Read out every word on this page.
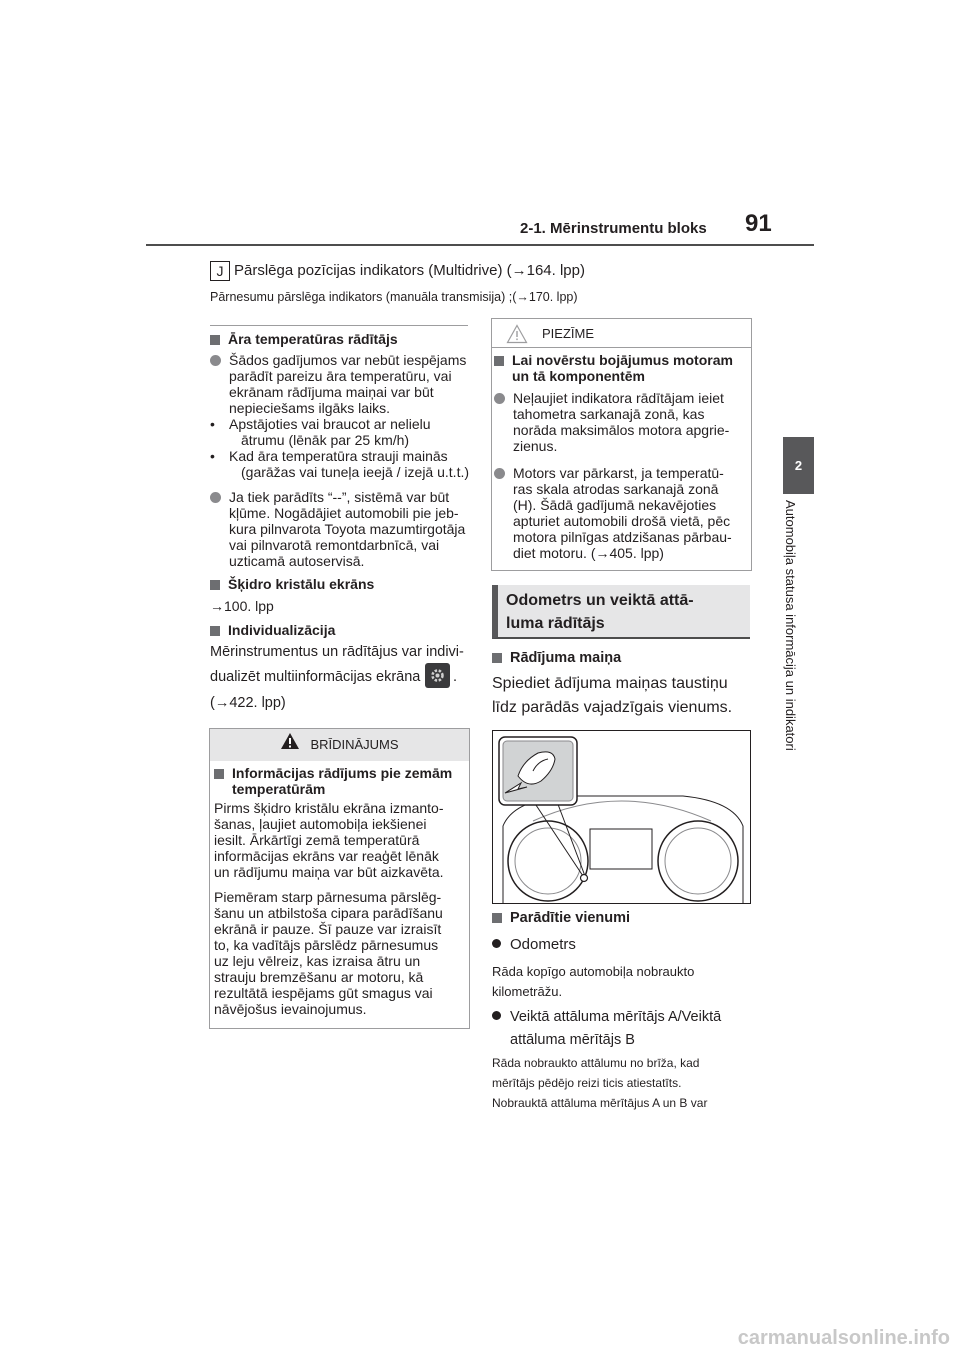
2-1. Mērinstrumentu bloks 91
2
Automobiļa statusa informācija un indikatori
J Pārslēga pozīcijas indikators (Multidrive) (→164. lpp)
Pārnesumu pārslēga indikators (manuāla transmisija) ;(→170. lpp)
Āra temperatūras rādītājs
Šādos gadījumos var nebūt iespējams
parādīt pareizu āra temperatūru, vai
ekrānam rādījuma maiņai var būt
nepieciešams ilgāks laiks.
• Apstājoties vai braucot ar nelielu
ātrumu (lēnāk par 25 km/h)
• Kad āra temperatūra strauji mainās
(garāžas vai tuneļa ieejā / izejā u.t.t.)
Ja tiek parādīts “--”, sistēmā var būt
kļūme. Nogādājiet automobili pie jeb-
kura pilnvarota Toyota mazumtirgotāja
vai pilnvarotā remontdarbnīcā, vai
uzticamā autoservisā.
Šķidro kristālu ekrāns
→100. lpp
Individualizācija
Mērinstrumentus un rādītājus var indivi-
dualizēt multiinformācijas ekrāna .
(→422. lpp)
BRĪDINĀJUMS
Informācijas rādījums pie zemām
temperatūrām
Pirms šķidro kristālu ekrāna izmanto-
šanas, ļaujiet automobiļa iekšienei
iesilt. Ārkārtīgi zemā temperatūrā
informācijas ekrāns var reaģēt lēnāk
un rādījumu maiņa var būt aizkavēta.
Piemēram starp pārnesuma pārslēg-
šanu un atbilstoša cipara parādīšanu
ekrānā ir pauze. Šī pauze var izraisīt
to, ka vadītājs pārslēdz pārnesumus
uz leju vēlreiz, kas izraisa ātru un
strauju bremzēšanu ar motoru, kā
rezultātā iespējams gūt smagus vai
nāvējošus ievainojumus.
PIEZĪME
Lai novērstu bojājumus motoram
un tā komponentēm
Neļaujiet indikatora rādītājam ieiet
tahometra sarkanajā zonā, kas
norāda maksimālos motora apgrie-
zienus.
Motors var pārkarst, ja temperatū-
ras skala atrodas sarkanajā zonā
(H). Šādā gadījumā nekavējoties
apturiet automobili drošā vietā, pēc
motora pilnīgas atdzišanas pārbau-
diet motoru. (→405. lpp)
Odometrs un veiktā attā-
luma rādītājs
Rādījuma maiņa
Spiediet ādījuma maiņas taustiņu
līdz parādās vajadzīgais vienums.
Parādītie vienumi
Odometrs
Rāda kopīgo automobiļa nobraukto
kilometrāžu.
Veiktā attāluma mērītājs A/Veiktā
attāluma mērītājs B
Rāda nobraukto attālumu no brīža, kad
mērītājs pēdējo reizi ticis atiestatīts.
Nobrauktā attāluma mērītājus A un B var
carmanualsonline.info
